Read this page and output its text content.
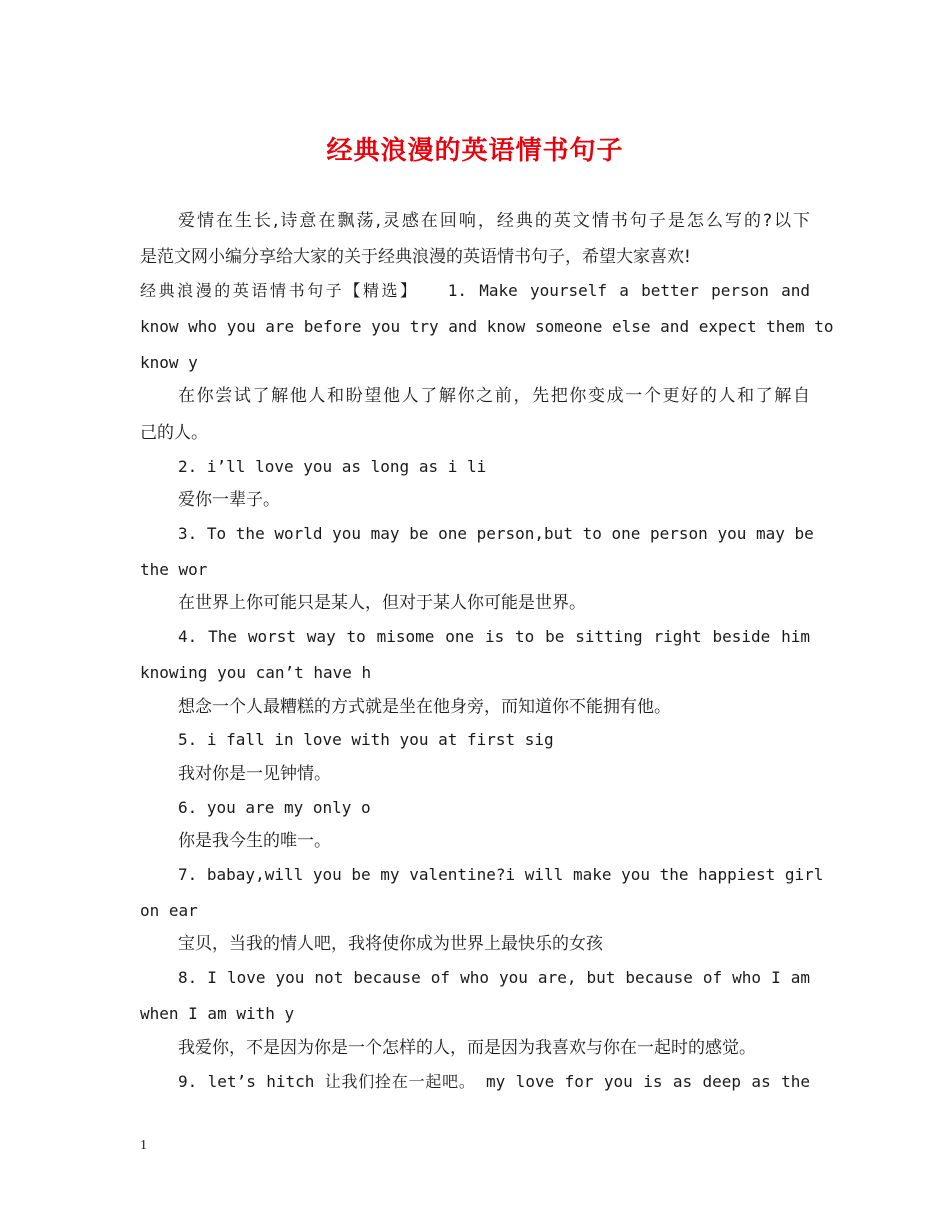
经典浪漫的英语情书句子
爱情在生长,诗意在飘荡,灵感在回响，经典的英文情书句子是怎么写的?以下
是范文网小编分享给大家的关于经典浪漫的英语情书句子，希望大家喜欢!
经典浪漫的英语情书句子【精选】　　1. Make yourself a better person and
know who you are before you try and know someone else and expect them to
know y
在你尝试了解他人和盼望他人了解你之前，先把你变成一个更好的人和了解自
己的人。
2. i’ll love you as long as i li
爱你一辈子。
3. To the world you may be one person,but to one person you may be
the wor
在世界上你可能只是某人，但对于某人你可能是世界。
4. The worst way to misome one is to be sitting right beside him
knowing you can’t have h
想念一个人最糟糕的方式就是坐在他身旁，而知道你不能拥有他。
5. i fall in love with you at first sig
我对你是一见钟情。
6. you are my only o
你是我今生的唯一。
7. babay,will you be my valentine?i will make you the happiest girl
on ear
宝贝，当我的情人吧，我将使你成为世界上最快乐的女孩
8. I love you not because of who you are, but because of who I am
when I am with y
我爱你，不是因为你是一个怎样的人，而是因为我喜欢与你在一起时的感觉。
9. let’s hitch 让我们拴在一起吧。 my love for you is as deep as the
1
